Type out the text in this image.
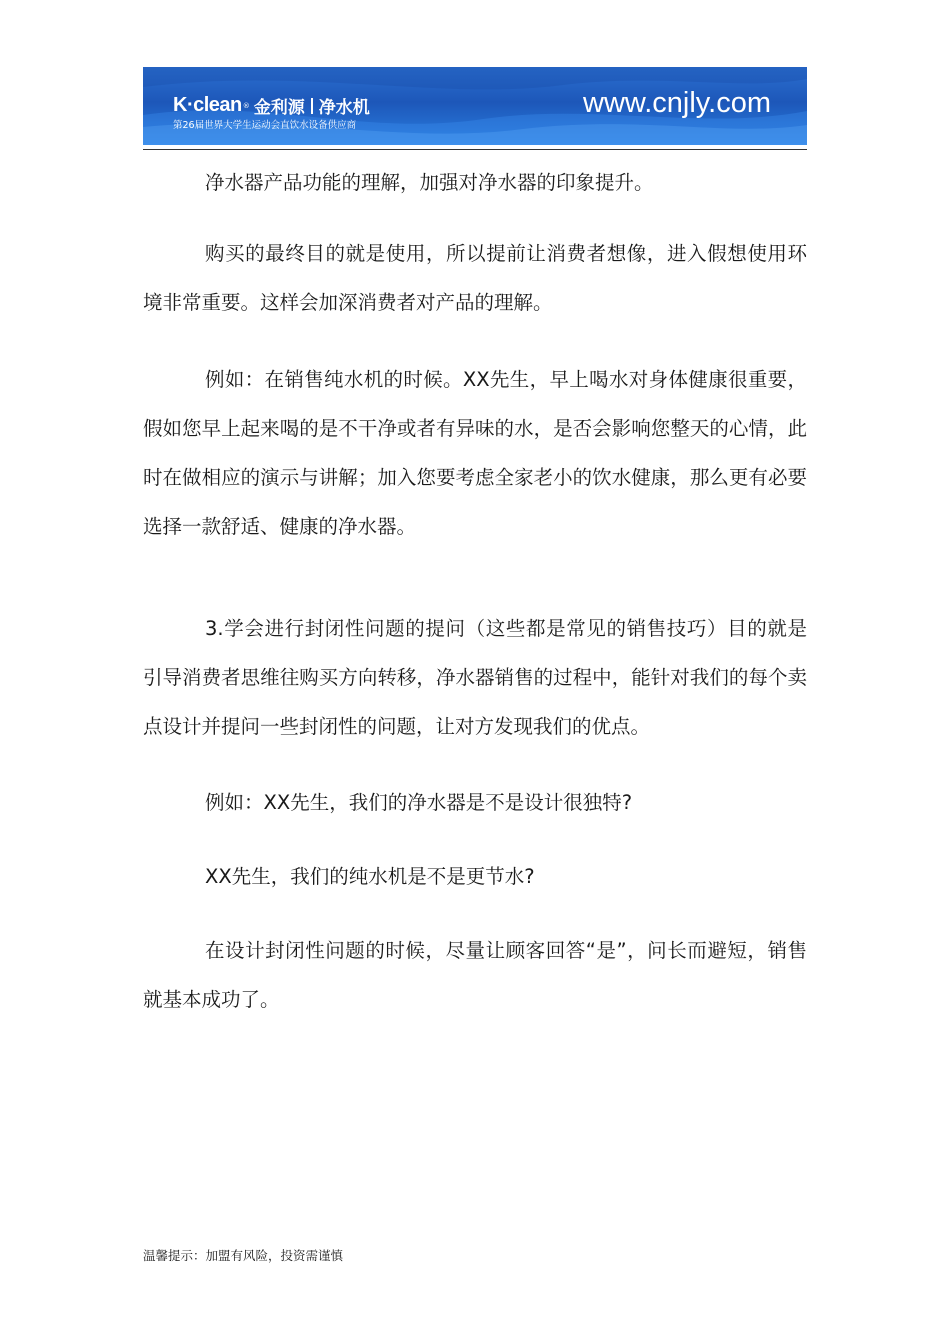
K·clean ® 金利源 净水机
第26届世界大学生运动会直饮水设备供应商
www.cnjly.com

净水器产品功能的理解，加强对净水器的印象提升。

购买的最终目的就是使用，所以提前让消费者想像，进入假想使用环境非常重要。这样会加深消费者对产品的理解。

例如：在销售纯水机的时候。XX先生，早上喝水对身体健康很重要，假如您早上起来喝的是不干净或者有异味的水，是否会影响您整天的心情，此时在做相应的演示与讲解；加入您要考虑全家老小的饮水健康，那么更有必要选择一款舒适、健康的净水器。

3.学会进行封闭性问题的提问（这些都是常见的销售技巧）目的就是引导消费者思维往购买方向转移，净水器销售的过程中，能针对我们的每个卖点设计并提问一些封闭性的问题，让对方发现我们的优点。

例如：XX先生，我们的净水器是不是设计很独特?

XX先生，我们的纯水机是不是更节水?

在设计封闭性问题的时候，尽量让顾客回答“是”，问长而避短，销售就基本成功了。

温馨提示：加盟有风险，投资需谨慎
